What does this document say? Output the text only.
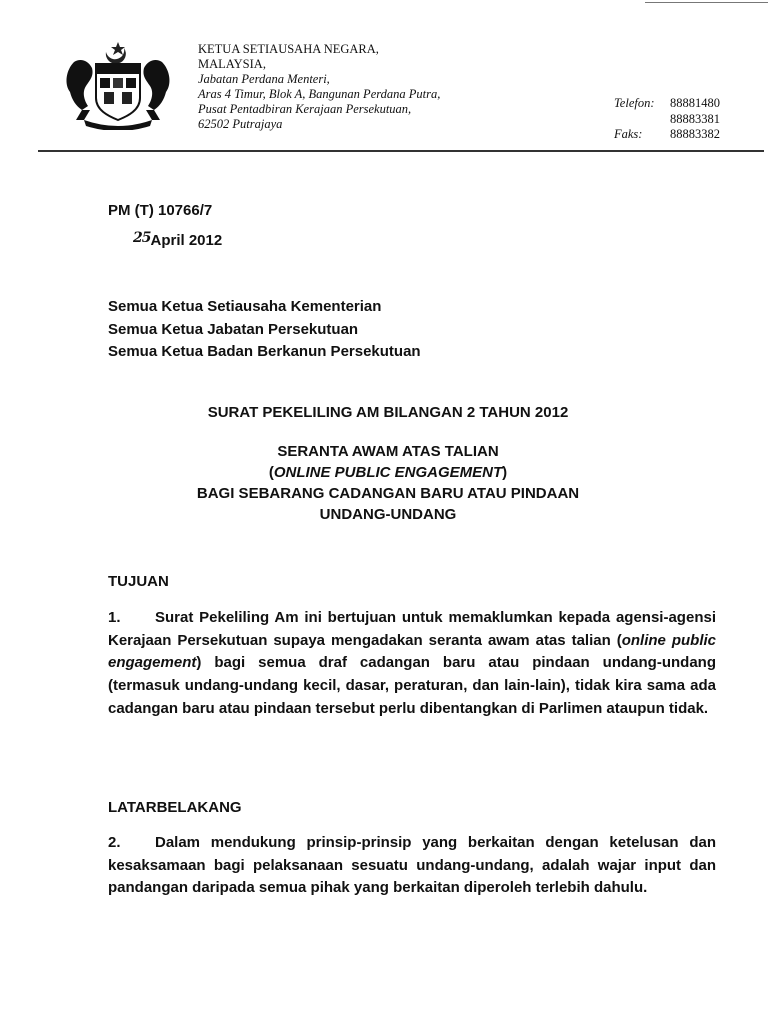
KETUA SETIAUSAHA NEGARA,
MALAYSIA,
Jabatan Perdana Menteri,
Aras 4 Timur, Blok A, Bangunan Perdana Putra,
Pusat Pentadbiran Kerajaan Persekutuan,
62502 Putrajaya
Telefon:	88881480
88883381
Faks:	88883382
PM (T) 10766/7
25April 2012
Semua Ketua Setiausaha Kementerian
Semua Ketua Jabatan Persekutuan
Semua Ketua Badan Berkanun Persekutuan
SURAT PEKELILING AM BILANGAN 2 TAHUN 2012
SERANTA AWAM ATAS TALIAN
(ONLINE PUBLIC ENGAGEMENT)
BAGI SEBARANG CADANGAN BARU ATAU PINDAAN
UNDANG-UNDANG
TUJUAN

1. Surat Pekeliling Am ini bertujuan untuk memaklumkan kepada agensi-agensi Kerajaan Persekutuan supaya mengadakan seranta awam atas talian (online public engagement) bagi semua draf cadangan baru atau pindaan undang-undang (termasuk undang-undang kecil, dasar, peraturan, dan lain-lain), tidak kira sama ada cadangan baru atau pindaan tersebut perlu dibentangkan di Parlimen ataupun tidak.

LATARBELAKANG

2. Dalam mendukung prinsip-prinsip yang berkaitan dengan ketelusan dan kesaksamaan bagi pelaksanaan sesuatu undang-undang, adalah wajar input dan pandangan daripada semua pihak yang berkaitan diperoleh terlebih dahulu.
